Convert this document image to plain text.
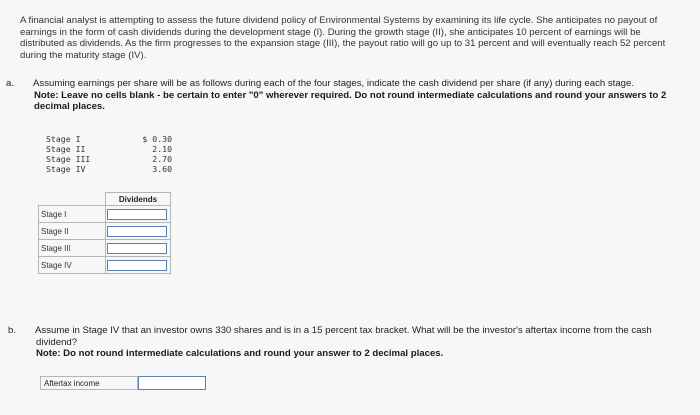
A financial analyst is attempting to assess the future dividend policy of Environmental Systems by examining its life cycle. She anticipates no payout of earnings in the form of cash dividends during the development stage (I). During the growth stage (II), she anticipates 10 percent of earnings will be distributed as dividends. As the firm progresses to the expansion stage (III), the payout ratio will go up to 31 percent and will eventually reach 52 percent during the maturity stage (IV).
a. Assuming earnings per share will be as follows during each of the four stages, indicate the cash dividend per share (if any) during each stage.
Note: Leave no cells blank - be certain to enter "0" wherever required. Do not round intermediate calculations and round your answers to 2 decimal places.
Stage I	$ 0.30
Stage II	2.10
Stage III	2.70
Stage IV	3.60
	Dividends
Stage I	

Stage II	

Stage III	

Stage IV	
b. Assume in Stage IV that an investor owns 330 shares and is in a 15 percent tax bracket. What will be the investor's aftertax income from the cash dividend?
Note: Do not round intermediate calculations and round your answer to 2 decimal places.
Aftertax income
